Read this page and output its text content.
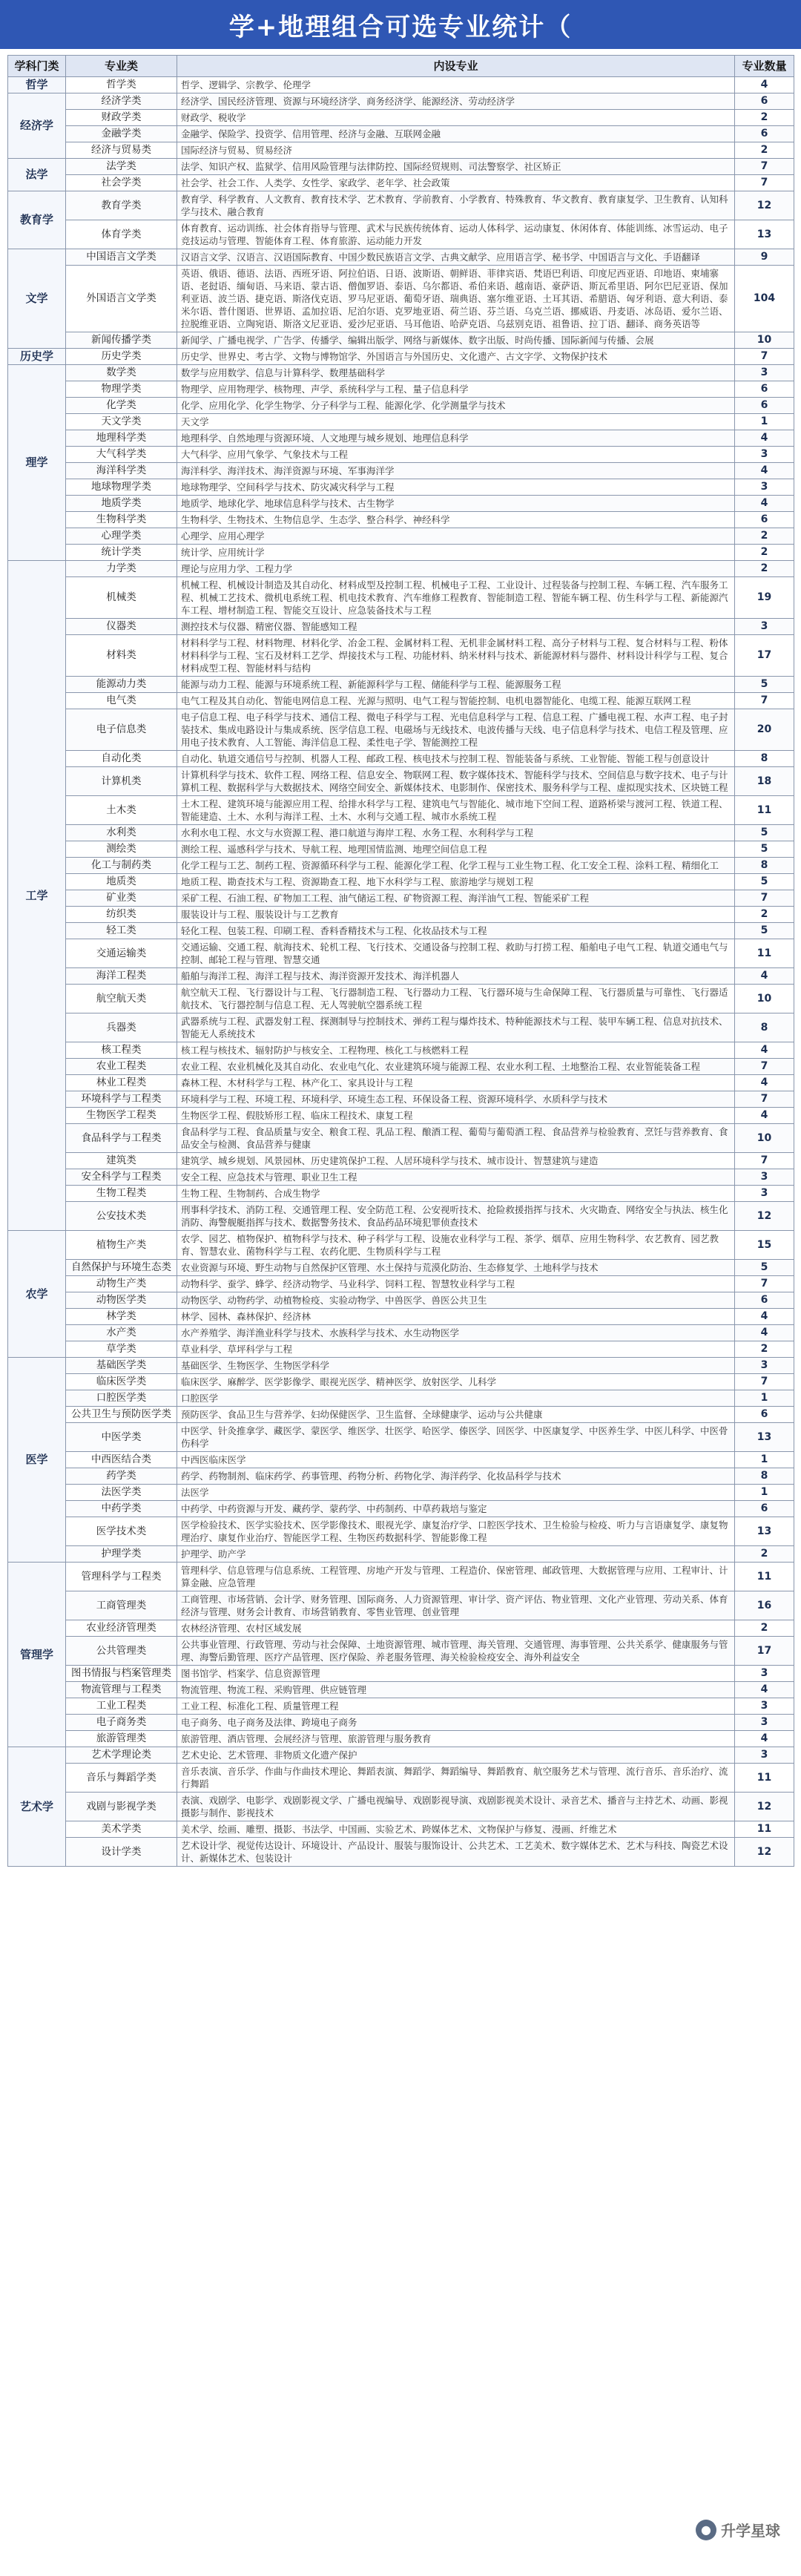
学+地理组合可选专业统计（
学科门类	专业类	内设专业	专业数量
哲学	哲学类	哲学、逻辑学、宗教学、伦理学	4
经济学	经济学类	经济学、国民经济管理、资源与环境经济学、商务经济学、能源经济、劳动经济学	6
	财政学类	财政学、税收学	2
	金融学类	金融学、保险学、投资学、信用管理、经济与金融、互联网金融	6
	经济与贸易类	国际经济与贸易、贸易经济	2
法学	法学类	法学、知识产权、监狱学、信用风险管理与法律防控、国际经贸规则、司法警察学、社区矫正	7
	社会学类	社会学、社会工作、人类学、女性学、家政学、老年学、社会政策	7
教育学	教育学类	教育学、科学教育、人文教育、教育技术学、艺术教育、学前教育、小学教育、特殊教育、华文教育、教育康复学、卫生教育、认知科学与技术、融合教育	12
	体育学类	体育教育、运动训练、社会体育指导与管理、武术与民族传统体育、运动人体科学、运动康复、休闲体育、体能训练、冰雪运动、电子竞技运动与管理、智能体育工程、体育旅游、运动能力开发	13
文学	中国语言文学类	汉语言文学、汉语言、汉语国际教育、中国少数民族语言文学、古典文献学、应用语言学、秘书学、中国语言与文化、手语翻译	9
	外国语言文学类	英语、俄语、德语、法语、西班牙语、阿拉伯语、日语、波斯语、朝鲜语、菲律宾语、梵语巴利语、印度尼西亚语、印地语、柬埔寨语、老挝语、缅甸语、马来语、蒙古语、僧伽罗语、泰语、乌尔都语、希伯来语、越南语、豪萨语、斯瓦希里语、阿尔巴尼亚语、保加利亚语、波兰语、捷克语、斯洛伐克语、罗马尼亚语、葡萄牙语、瑞典语、塞尔维亚语、土耳其语、希腊语、匈牙利语、意大利语、泰米尔语、普什图语、世界语、孟加拉语、尼泊尔语、克罗地亚语、荷兰语、芬兰语、乌克兰语、挪威语、丹麦语、冰岛语、爱尔兰语、拉脱维亚语、立陶宛语、斯洛文尼亚语、爱沙尼亚语、马耳他语、哈萨克语、乌兹别克语、祖鲁语、拉丁语、翻译、商务英语等	104
	新闻传播学类	新闻学、广播电视学、广告学、传播学、编辑出版学、网络与新媒体、数字出版、时尚传播、国际新闻与传播、会展	10
历史学	历史学类	历史学、世界史、考古学、文物与博物馆学、外国语言与外国历史、文化遗产、古文字学、文物保护技术	7
理学	数学类	数学与应用数学、信息与计算科学、数理基础科学	3
	物理学类	物理学、应用物理学、核物理、声学、系统科学与工程、量子信息科学	6
	化学类	化学、应用化学、化学生物学、分子科学与工程、能源化学、化学测量学与技术	6
	天文学类	天文学	1
	地理科学类	地理科学、自然地理与资源环境、人文地理与城乡规划、地理信息科学	4
	大气科学类	大气科学、应用气象学、气象技术与工程	3
	海洋科学类	海洋科学、海洋技术、海洋资源与环境、军事海洋学	4
	地球物理学类	地球物理学、空间科学与技术、防灾减灾科学与工程	3
	地质学类	地质学、地球化学、地球信息科学与技术、古生物学	4
	生物科学类	生物科学、生物技术、生物信息学、生态学、整合科学、神经科学	6
	心理学类	心理学、应用心理学	2
	统计学类	统计学、应用统计学	2
工学	力学类	理论与应用力学、工程力学	2
	机械类	机械工程、机械设计制造及其自动化、材料成型及控制工程、机械电子工程、工业设计、过程装备与控制工程、车辆工程、汽车服务工程、机械工艺技术、微机电系统工程、机电技术教育、汽车维修工程教育、智能制造工程、智能车辆工程、仿生科学与工程、新能源汽车工程、增材制造工程、智能交互设计、应急装备技术与工程	19
	仪器类	测控技术与仪器、精密仪器、智能感知工程	3
	材料类	材料科学与工程、材料物理、材料化学、冶金工程、金属材料工程、无机非金属材料工程、高分子材料与工程、复合材料与工程、粉体材料科学与工程、宝石及材料工艺学、焊接技术与工程、功能材料、纳米材料与技术、新能源材料与器件、材料设计科学与工程、复合材料成型工程、智能材料与结构	17
	能源动力类	能源与动力工程、能源与环境系统工程、新能源科学与工程、储能科学与工程、能源服务工程	5
	电气类	电气工程及其自动化、智能电网信息工程、光源与照明、电气工程与智能控制、电机电器智能化、电缆工程、能源互联网工程	7
	电子信息类	电子信息工程、电子科学与技术、通信工程、微电子科学与工程、光电信息科学与工程、信息工程、广播电视工程、水声工程、电子封装技术、集成电路设计与集成系统、医学信息工程、电磁场与无线技术、电波传播与天线、电子信息科学与技术、电信工程及管理、应用电子技术教育、人工智能、海洋信息工程、柔性电子学、智能测控工程	20
	自动化类	自动化、轨道交通信号与控制、机器人工程、邮政工程、核电技术与控制工程、智能装备与系统、工业智能、智能工程与创意设计	8
	计算机类	计算机科学与技术、软件工程、网络工程、信息安全、物联网工程、数字媒体技术、智能科学与技术、空间信息与数字技术、电子与计算机工程、数据科学与大数据技术、网络空间安全、新媒体技术、电影制作、保密技术、服务科学与工程、虚拟现实技术、区块链工程	18
	土木类	土木工程、建筑环境与能源应用工程、给排水科学与工程、建筑电气与智能化、城市地下空间工程、道路桥梁与渡河工程、铁道工程、智能建造、土木、水利与海洋工程、土木、水利与交通工程、城市水系统工程	11
	水利类	水利水电工程、水文与水资源工程、港口航道与海岸工程、水务工程、水利科学与工程	5
	测绘类	测绘工程、遥感科学与技术、导航工程、地理国情监测、地理空间信息工程	5
	化工与制药类	化学工程与工艺、制药工程、资源循环科学与工程、能源化学工程、化学工程与工业生物工程、化工安全工程、涂料工程、精细化工	8
	地质类	地质工程、勘查技术与工程、资源勘查工程、地下水科学与工程、旅游地学与规划工程	5
	矿业类	采矿工程、石油工程、矿物加工工程、油气储运工程、矿物资源工程、海洋油气工程、智能采矿工程	7
	纺织类	服装设计与工程、服装设计与工艺教育	2
	轻工类	轻化工程、包装工程、印刷工程、香料香精技术与工程、化妆品技术与工程	5
	交通运输类	交通运输、交通工程、航海技术、轮机工程、飞行技术、交通设备与控制工程、救助与打捞工程、船舶电子电气工程、轨道交通电气与控制、邮轮工程与管理、智慧交通	11
	海洋工程类	船舶与海洋工程、海洋工程与技术、海洋资源开发技术、海洋机器人	4
	航空航天类	航空航天工程、飞行器设计与工程、飞行器制造工程、飞行器动力工程、飞行器环境与生命保障工程、飞行器质量与可靠性、飞行器适航技术、飞行器控制与信息工程、无人驾驶航空器系统工程	10
	兵器类	武器系统与工程、武器发射工程、探测制导与控制技术、弹药工程与爆炸技术、特种能源技术与工程、装甲车辆工程、信息对抗技术、智能无人系统技术	8
	核工程类	核工程与核技术、辐射防护与核安全、工程物理、核化工与核燃料工程	4
	农业工程类	农业工程、农业机械化及其自动化、农业电气化、农业建筑环境与能源工程、农业水利工程、土地整治工程、农业智能装备工程	7
	林业工程类	森林工程、木材科学与工程、林产化工、家具设计与工程	4
	环境科学与工程类	环境科学与工程、环境工程、环境科学、环境生态工程、环保设备工程、资源环境科学、水质科学与技术	7
	生物医学工程类	生物医学工程、假肢矫形工程、临床工程技术、康复工程	4
	食品科学与工程类	食品科学与工程、食品质量与安全、粮食工程、乳品工程、酿酒工程、葡萄与葡萄酒工程、食品营养与检验教育、烹饪与营养教育、食品安全与检测、食品营养与健康	10
	建筑类	建筑学、城乡规划、风景园林、历史建筑保护工程、人居环境科学与技术、城市设计、智慧建筑与建造	7
	安全科学与工程类	安全工程、应急技术与管理、职业卫生工程	3
	生物工程类	生物工程、生物制药、合成生物学	3
	公安技术类	刑事科学技术、消防工程、交通管理工程、安全防范工程、公安视听技术、抢险救援指挥与技术、火灾勘查、网络安全与执法、核生化消防、海警舰艇指挥与技术、数据警务技术、食品药品环境犯罪侦查技术	12
农学	植物生产类	农学、园艺、植物保护、植物科学与技术、种子科学与工程、设施农业科学与工程、茶学、烟草、应用生物科学、农艺教育、园艺教育、智慧农业、菌物科学与工程、农药化肥、生物质科学与工程	15
	自然保护与环境生态类	农业资源与环境、野生动物与自然保护区管理、水土保持与荒漠化防治、生态修复学、土地科学与技术	5
	动物生产类	动物科学、蚕学、蜂学、经济动物学、马业科学、饲料工程、智慧牧业科学与工程	7
	动物医学类	动物医学、动物药学、动植物检疫、实验动物学、中兽医学、兽医公共卫生	6
	林学类	林学、园林、森林保护、经济林	4
	水产类	水产养殖学、海洋渔业科学与技术、水族科学与技术、水生动物医学	4
	草学类	草业科学、草坪科学与工程	2
医学	基础医学类	基础医学、生物医学、生物医学科学	3
	临床医学类	临床医学、麻醉学、医学影像学、眼视光医学、精神医学、放射医学、儿科学	7
	口腔医学类	口腔医学	1
	公共卫生与预防医学类	预防医学、食品卫生与营养学、妇幼保健医学、卫生监督、全球健康学、运动与公共健康	6
	中医学类	中医学、针灸推拿学、藏医学、蒙医学、维医学、壮医学、哈医学、傣医学、回医学、中医康复学、中医养生学、中医儿科学、中医骨伤科学	13
	中西医结合类	中西医临床医学	1
	药学类	药学、药物制剂、临床药学、药事管理、药物分析、药物化学、海洋药学、化妆品科学与技术	8
	法医学类	法医学	1
	中药学类	中药学、中药资源与开发、藏药学、蒙药学、中药制药、中草药栽培与鉴定	6
	医学技术类	医学检验技术、医学实验技术、医学影像技术、眼视光学、康复治疗学、口腔医学技术、卫生检验与检疫、听力与言语康复学、康复物理治疗、康复作业治疗、智能医学工程、生物医药数据科学、智能影像工程	13
	护理学类	护理学、助产学	2
管理学	管理科学与工程类	管理科学、信息管理与信息系统、工程管理、房地产开发与管理、工程造价、保密管理、邮政管理、大数据管理与应用、工程审计、计算金融、应急管理	11
	工商管理类	工商管理、市场营销、会计学、财务管理、国际商务、人力资源管理、审计学、资产评估、物业管理、文化产业管理、劳动关系、体育经济与管理、财务会计教育、市场营销教育、零售业管理、创业管理	16
	农业经济管理类	农林经济管理、农村区域发展	2
	公共管理类	公共事业管理、行政管理、劳动与社会保障、土地资源管理、城市管理、海关管理、交通管理、海事管理、公共关系学、健康服务与管理、海警后勤管理、医疗产品管理、医疗保险、养老服务管理、海关检验检疫安全、海外利益安全	17
	图书情报与档案管理类	图书馆学、档案学、信息资源管理	3
	物流管理与工程类	物流管理、物流工程、采购管理、供应链管理	4
	工业工程类	工业工程、标准化工程、质量管理工程	3
	电子商务类	电子商务、电子商务及法律、跨境电子商务	3
	旅游管理类	旅游管理、酒店管理、会展经济与管理、旅游管理与服务教育	4
艺术学	艺术学理论类	艺术史论、艺术管理、非物质文化遗产保护	3
	音乐与舞蹈学类	音乐表演、音乐学、作曲与作曲技术理论、舞蹈表演、舞蹈学、舞蹈编导、舞蹈教育、航空服务艺术与管理、流行音乐、音乐治疗、流行舞蹈	11
	戏剧与影视学类	表演、戏剧学、电影学、戏剧影视文学、广播电视编导、戏剧影视导演、戏剧影视美术设计、录音艺术、播音与主持艺术、动画、影视摄影与制作、影视技术	12
	美术学类	美术学、绘画、雕塑、摄影、书法学、中国画、实验艺术、跨媒体艺术、文物保护与修复、漫画、纤维艺术	11
	设计学类	艺术设计学、视觉传达设计、环境设计、产品设计、服装与服饰设计、公共艺术、工艺美术、数字媒体艺术、艺术与科技、陶瓷艺术设计、新媒体艺术、包装设计	12
● 升学星球
